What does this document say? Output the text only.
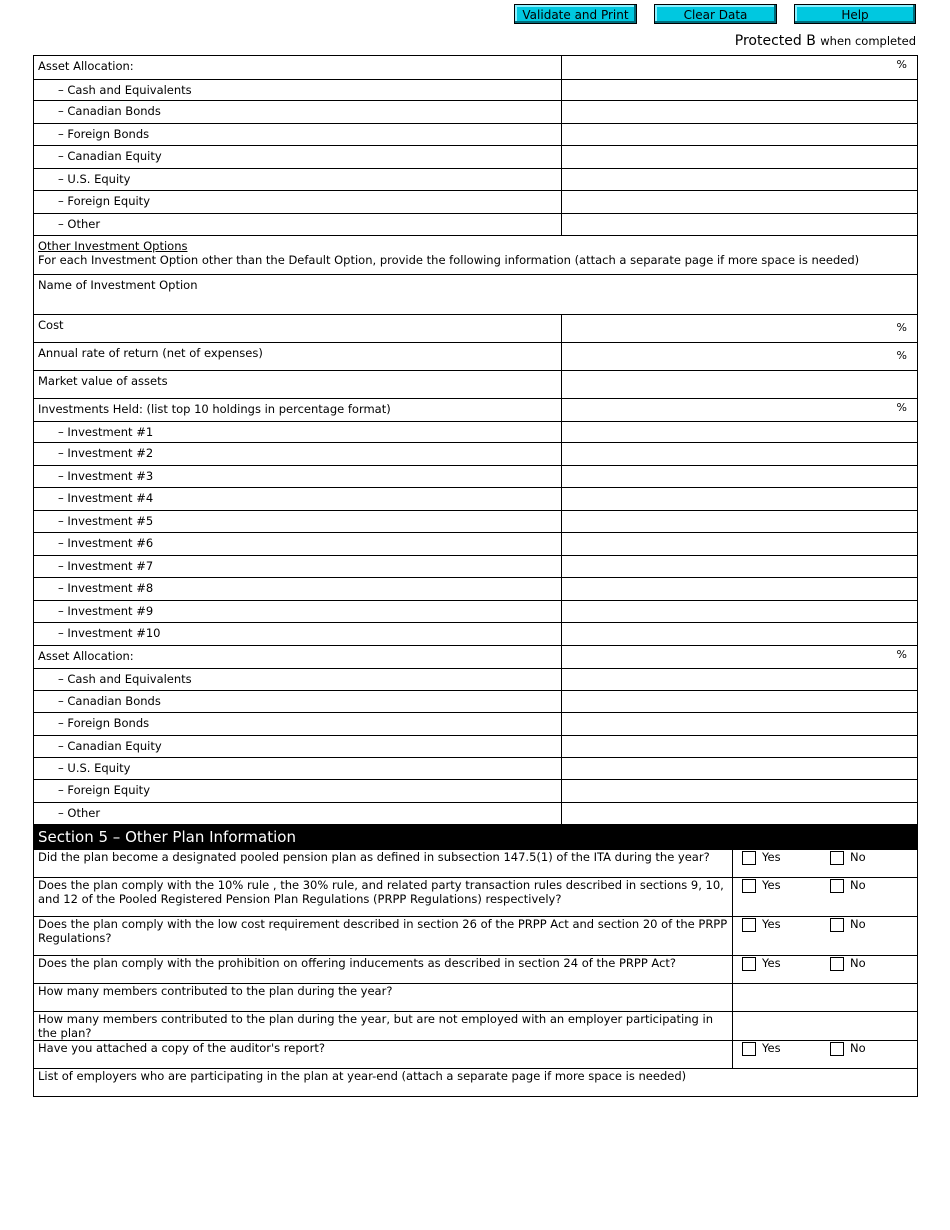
Validate and Print	Clear Data	Help
Protected B when completed
Asset Allocation:	%	

– Cash and Equivalents		
– Canadian Bonds		
– Foreign Bonds		
– Canadian Equity		
– U.S. Equity		
– Foreign Equity		
– Other		

Other Investment Options
For each Investment Option other than the Default Option, provide the following information (attach a separate page if more space is needed)		

Name of Investment Option		

Cost	%	

Annual rate of return (net of expenses)	%	

Market value of assets		
Investments Held: (list top 10 holdings in percentage format)	%	

– Investment #1		
– Investment #2		
– Investment #3		
– Investment #4		
– Investment #5		
– Investment #6		
– Investment #7		
– Investment #8		
– Investment #9		
– Investment #10		
Asset Allocation:	%	

– Cash and Equivalents		
– Canadian Bonds		
– Foreign Bonds		
– Canadian Equity		
– U.S. Equity		
– Foreign Equity		
– Other		
Section 5 – Other Plan Information		
Did the plan become a designated pooled pension plan as defined in subsection 147.5(1) of the ITA during the year?		Yes No

Does the plan comply with the 10% rule , the 30% rule, and related party transaction rules described in sections 9, 10,
and 12 of the Pooled Registered Pension Plan Regulations (PRPP Regulations) respectively?		Yes No

Does the plan comply with the low cost requirement described in section 26 of the PRPP Act and section 20 of the PRPP
Regulations?		Yes No
Does the plan comply with the prohibition on offering inducements as described in section 24 of the PRPP Act?		Yes No
How many members contributed to the plan during the year?		
How many members contributed to the plan during the year, but are not employed with an employer participating in the plan?		
Have you attached a copy of the auditor's report?		Yes No
List of employers who are participating in the plan at year-end (attach a separate page if more space is needed)		
